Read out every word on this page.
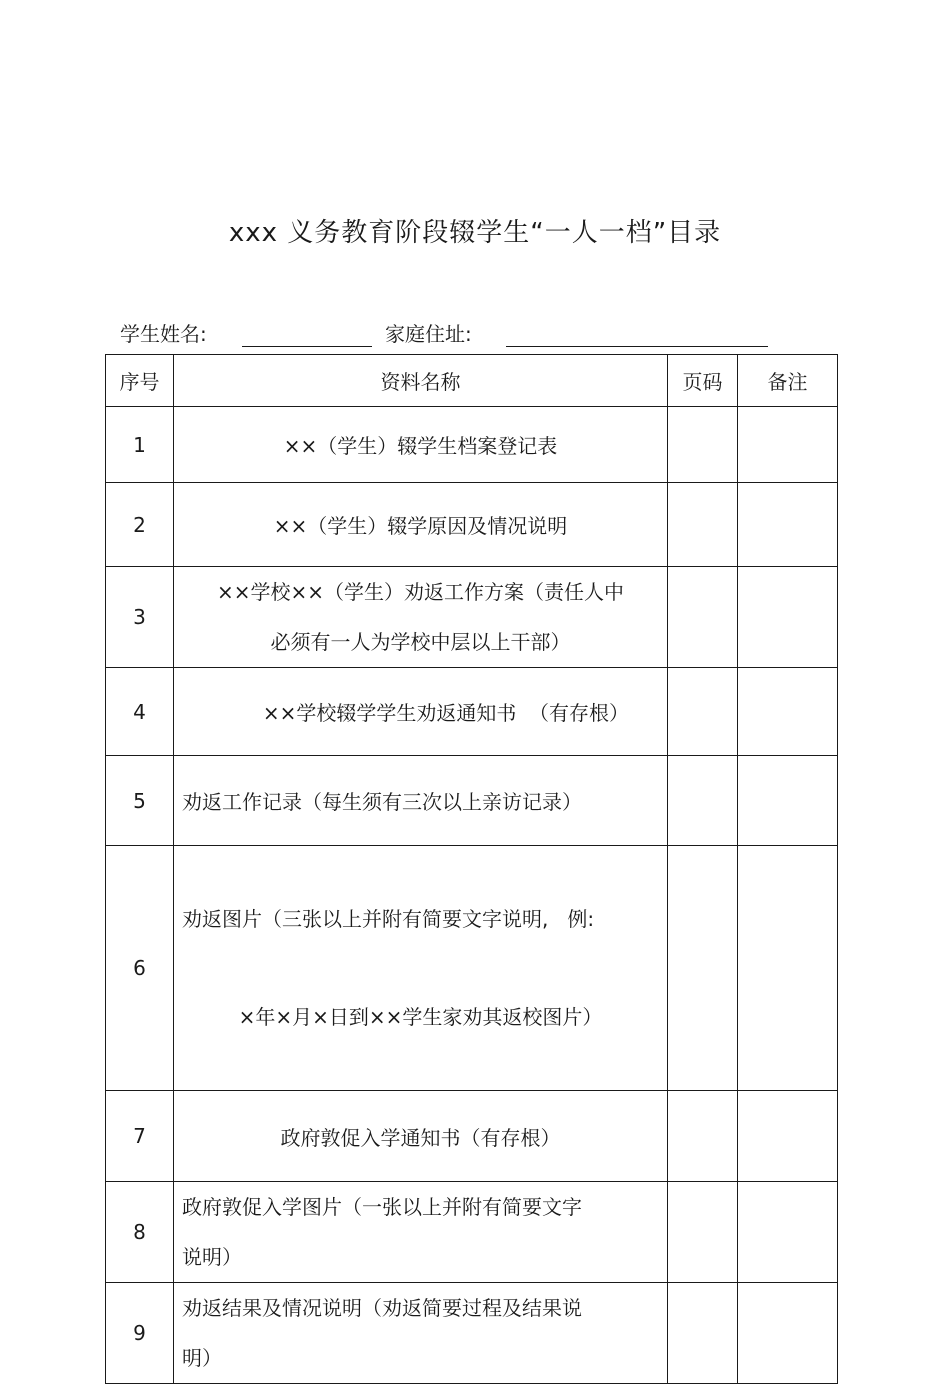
xxx 义务教育阶段辍学生“一人一档”目录
学生姓名:	家庭住址:
序号	资料名称	页码	备注
1	××（学生）辍学生档案登记表		
2	××（学生）辍学原因及情况说明		
3	××学校××（学生）劝返工作方案（责任人中
必须有一人为学校中层以上干部）		

4	××学校辍学学生劝返通知书  （有存根）

5	劝返工作记录（每生须有三次以上亲访记录）		
6	劝返图片（三张以上并附有简要文字说明,   例:

×年×月×日到××学生家劝其返校图片）		

7	政府敦促入学通知书（有存根）		
8	政府敦促入学图片（一张以上并附有简要文字
说明）		

9	劝返结果及情况说明（劝返简要过程及结果说
明）		
